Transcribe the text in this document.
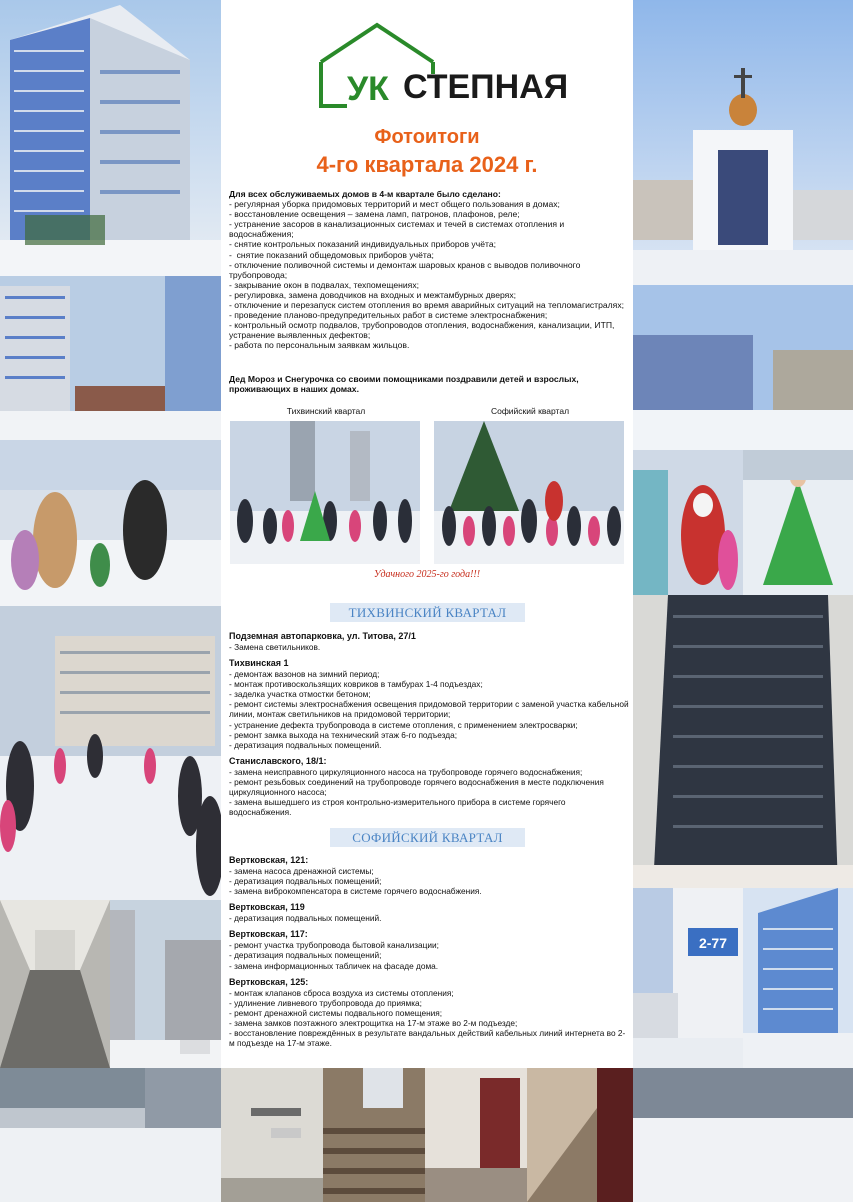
2-77
УК СТЕПНАЯ
Фотоитоги
4-го квартала 2024 г.
Для всех обслуживаемых домов в 4-м квартале было сделано:
- регулярная уборка придомовых территорий и мест общего пользования в домах;
- восстановление освещения – замена ламп, патронов, плафонов, реле;
- устранение засоров в канализационных системах и течей в системах отопления и водоснабжения;
- снятие контрольных показаний индивидуальных приборов учёта;
-  снятие показаний общедомовых приборов учёта;
- отключение поливочной системы и демонтаж шаровых кранов с выводов поливочного трубопровода;
- закрывание окон в подвалах, техпомещениях;
- регулировка, замена доводчиков на входных и межтамбурных дверях;
- отключение и перезапуск систем отопления во время аварийных ситуаций на тепломагистралях;
- проведение планово-предупредительных работ в системе электроснабжения;
- контрольный осмотр подвалов, трубопроводов отопления, водоснабжения, канализации, ИТП, устранение выявленных дефектов;
- работа по персональным заявкам жильцов.
Дед Мороз и Снегурочка со своими помощниками поздравили детей и взрослых, проживающих в наших домах.
Тихвинский квартал	Софийский квартал
Удачного 2025-го года!!!
ТИХВИНСКИЙ КВАРТАЛ
Подземная автопарковка, ул. Титова, 27/1
- Замена светильников.
Тихвинская 1
- демонтаж вазонов на зимний период;
- монтаж противоскользящих ковриков в тамбурах 1-4 подъездах;
- заделка участка отмостки бетоном;
- ремонт системы электроснабжения освещения придомовой территории с заменой участка кабельной линии, монтаж светильников на придомовой территории;
- устранение дефекта трубопровода в системе отопления, с применением электросварки;
- ремонт замка выхода на технический этаж 6-го подъезда;
- дератизация подвальных помещений.
Станиславского, 18/1:
- замена неисправного циркуляционного насоса на трубопроводе горячего водоснабжения;
- ремонт резьбовых соединений на трубопроводе горячего водоснабжения в месте подключения циркуляционного насоса;
- замена вышедшего из строя контрольно-измерительного прибора в системе горячего водоснабжения.
СОФИЙСКИЙ КВАРТАЛ
Вертковская, 121:
- замена насоса дренажной системы;
- дератизация подвальных помещений;
- замена виброкомпенсатора в системе горячего водоснабжения.
Вертковская, 119
- дератизация подвальных помещений.
Вертковская, 117:
- ремонт участка трубопровода бытовой канализации;
- дератизация подвальных помещений;
- замена информационных табличек на фасаде дома.
Вертковская, 125:
- монтаж клапанов сброса воздуха из системы отопления;
- удлинение ливневого трубопровода до приямка;
- ремонт дренажной системы подвального помещения;
- замена замков поэтажного электрощитка на 17-м этаже во 2-м подъезде;
- восстановление повреждённых в результате вандальных действий кабельных линий интернета во 2-м подъезде на 17-м этаже.
